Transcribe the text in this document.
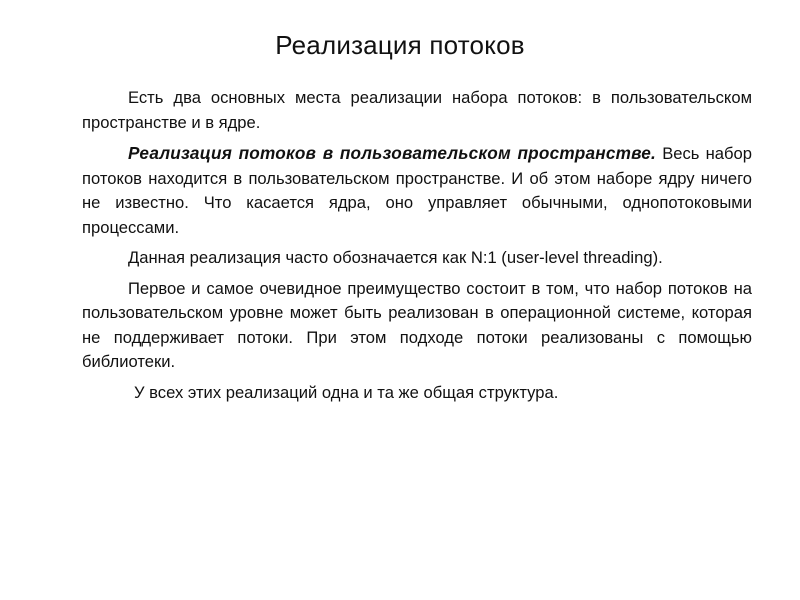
Реализация потоков

Есть два основных места реализации набора потоков: в пользовательском пространстве и в ядре.

Реализация потоков в пользовательском пространстве. Весь набор потоков находится в пользовательском пространстве. И об этом наборе ядру ничего не известно. Что касается ядра, оно управляет обычными, однопотоковыми процессами.

Данная реализация часто обозначается как N:1 (user-level threading).

Первое и самое очевидное преимущество состоит в том, что набор потоков на пользовательском уровне может быть реализован в операционной системе, которая не поддерживает потоки. При этом подходе потоки реализованы с помощью библиотеки.

У всех этих реализаций одна и та же общая структура.
